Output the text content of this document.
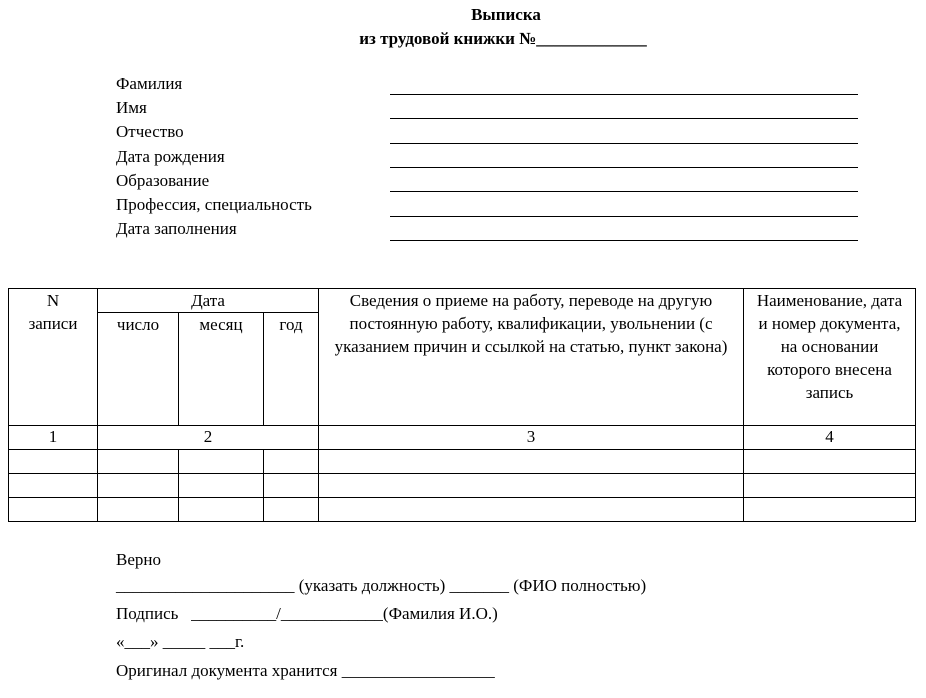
Выписка
из трудовой книжки №_____________
Фамилия
Имя
Отчество
Дата рождения
Образование
Профессия, специальность
Дата заполнения
N
записи	Дата			Сведения о приеме на работу, переводе на другую постоянную работу, квалификации, увольнении (с указанием причин и ссылкой на статью, пункт закона)	Наименование, дата и номер документа, на основании которого внесена запись
	число	месяц	год		
1	2			3	4

Верно
_____________________ (указать должность) _______ (ФИО полностью)
Подпись   __________/____________(Фамилия И.О.)
«___» _____ ___г.
Оригинал документа хранится __________________
